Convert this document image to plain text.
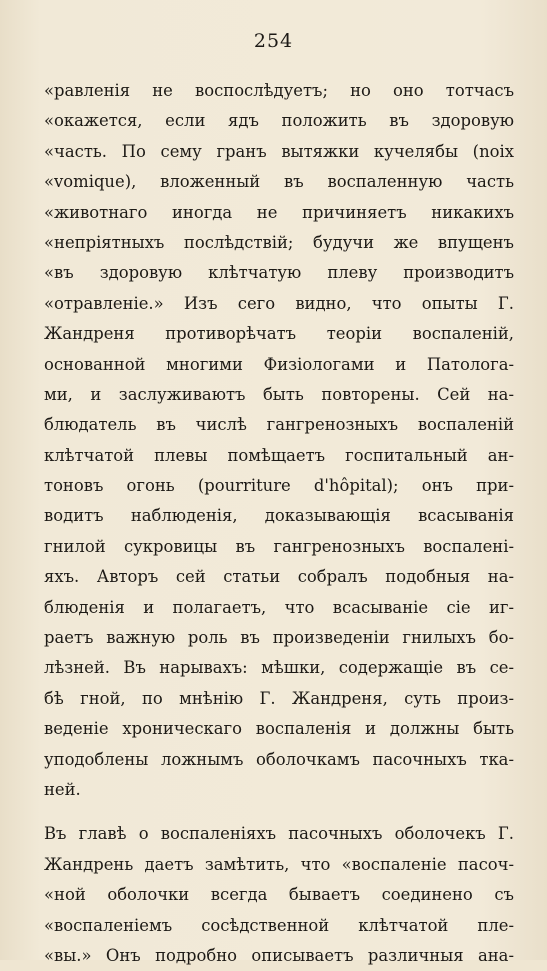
254
«равленія не воспослѣдуетъ; но оно тотчасъ
«окажется, если ядъ положить въ здоровую
«часть. По сему гранъ вытяжки кучелябы (noix
«vomique), вложенный въ воспаленную часть
«животнаго иногда не причиняетъ никакихъ
«непріятныхъ послѣдствій; будучи же впущенъ
«въ здоровую клѣтчатую плеву производитъ
«отравленіе.» Изъ сего видно, что опыты Г.
Жандреня противорѣчатъ теоріи воспаленій,
основанной многими Физіологами и Патолога-
ми, и заслуживаютъ быть повторены. Сей на-
блюдатель въ числѣ гангренозныхъ воспаленій
клѣтчатой плевы помѣщаетъ госпитальный ан-
тоновъ огонь (pourriture d'hôpital); онъ при-
водитъ наблюденія, доказывающія всасыванія
гнилой сукровицы въ гангренозныхъ воспалені-
яхъ. Авторъ сей статьи собралъ подобныя на-
блюденія и полагаетъ, что всасываніе сіе иг-
раетъ важную роль въ произведеніи гнилыхъ бо-
лѣзней. Въ нарывахъ: мѣшки, содержащіе въ се-
бѣ гной, по мнѣнію Г. Жандреня, суть произ-
веденіе хроническаго воспаленія и должны быть
уподоблены ложнымъ оболочкамъ пасочныхъ тка-
ней.
Въ главѣ о воспаленіяхъ пасочныхъ оболочекъ Г.
Жандрень даетъ замѣтить, что «воспаленіе пасоч-
«ной оболочки всегда бываетъ соединено съ
«воспаленіемъ сосѣдственной клѣтчатой пле-
«вы.» Онъ подробно описываетъ различныя ана-
